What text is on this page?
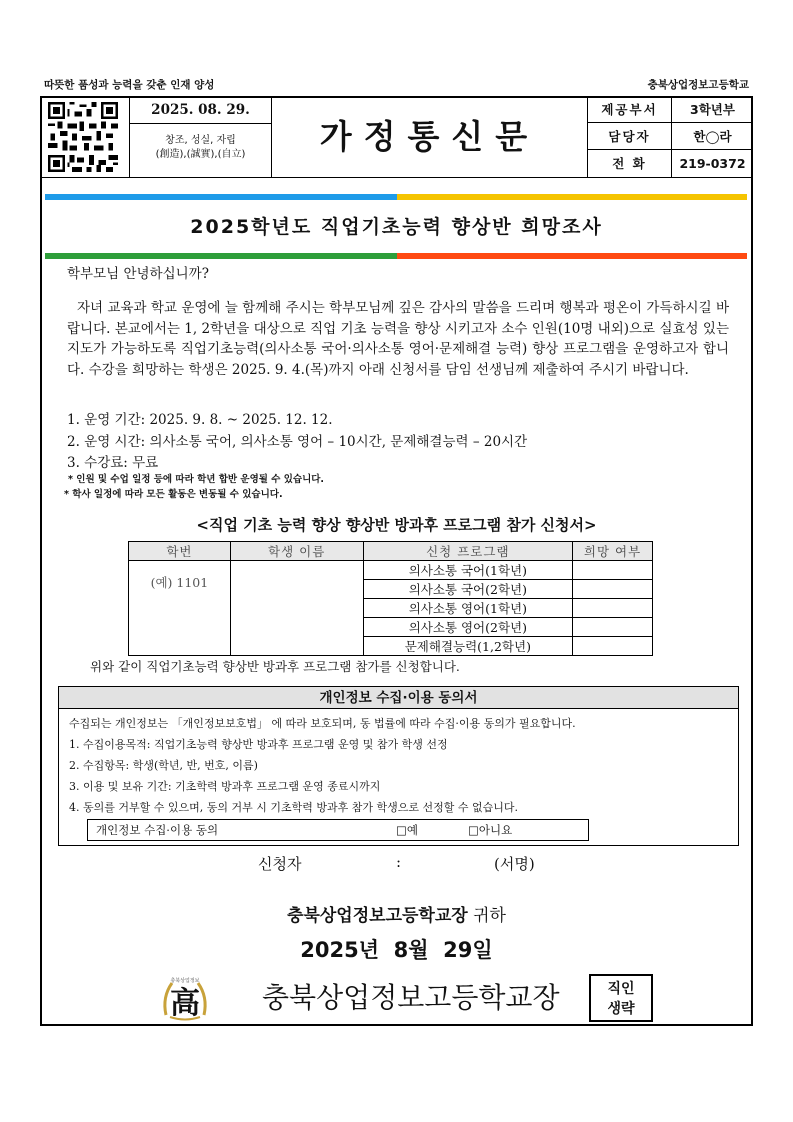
따뜻한 품성과 능력을 갖춘 인재 양성	충북상업정보고등학교
2025. 08. 29.
창조, 성실, 자립
(創造),(誠實),(自立)	가정통신문
제공부서	3학년부
담당자	한◯라
전 화	219-0372
2025학년도 직업기초능력 향상반 희망조사
학부모님 안녕하십니까?
자녀 교육과 학교 운영에 늘 함께해 주시는 학부모님께 깊은 감사의 말씀을 드리며 행복과 평온이 가득하시길 바랍니다. 본교에서는 1, 2학년을 대상으로 직업 기초 능력을 향상 시키고자 소수 인원(10명 내외)으로 실효성 있는 지도가 가능하도록 직업기초능력(의사소통 국어·의사소통 영어·문제해결 능력) 향상 프로그램을 운영하고자 합니다. 수강을 희망하는 학생은 2025. 9. 4.(목)까지 아래 신청서를 담임 선생님께 제출하여 주시기 바랍니다.
1. 운영 기간: 2025. 9. 8. ~ 2025. 12. 12.
2. 운영 시간: 의사소통 국어, 의사소통 영어 – 10시간, 문제해결능력 – 20시간
3. 수강료: 무료
* 인원 및 수업 일정 등에 따라 학년 합반 운영될 수 있습니다.
* 학사 일정에 따라 모든 활동은 변동될 수 있습니다.
<직업 기초 능력 향상 향상반 방과후 프로그램 참가 신청서>
학번	학생 이름	신청 프로그램	희망 여부
(예) 1101		의사소통 국어(1학년)	
		의사소통 국어(2학년)	
		의사소통 영어(1학년)	
		의사소통 영어(2학년)	
		문제해결능력(1,2학년)	
위와 같이 직업기초능력 향상반 방과후 프로그램 참가를 신청합니다.
개인정보 수집·이용 동의서
수집되는 개인정보는 「개인정보보호법」 에 따라 보호되며, 동 법률에 따라 수집·이용 동의가 필요합니다.
1. 수집이용목적: 직업기초능력 향상반 방과후 프로그램 운영 및 참가 학생 선정
2. 수집항목: 학생(학년, 반, 번호, 이름)
3. 이용 및 보유 기간: 기초학력 방과후 프로그램 운영 종료시까지
4. 동의를 거부할 수 있으며, 동의 거부 시 기초학력 방과후 참가 학생으로 선정할 수 없습니다.
개인정보 수집·이용 동의	□예	□아니요
신청자	:	(서명)
충북상업정보고등학교장 귀하
2025년  8월  29일
충북상업정보
高 충북상업정보고등학교장	직인
생략
